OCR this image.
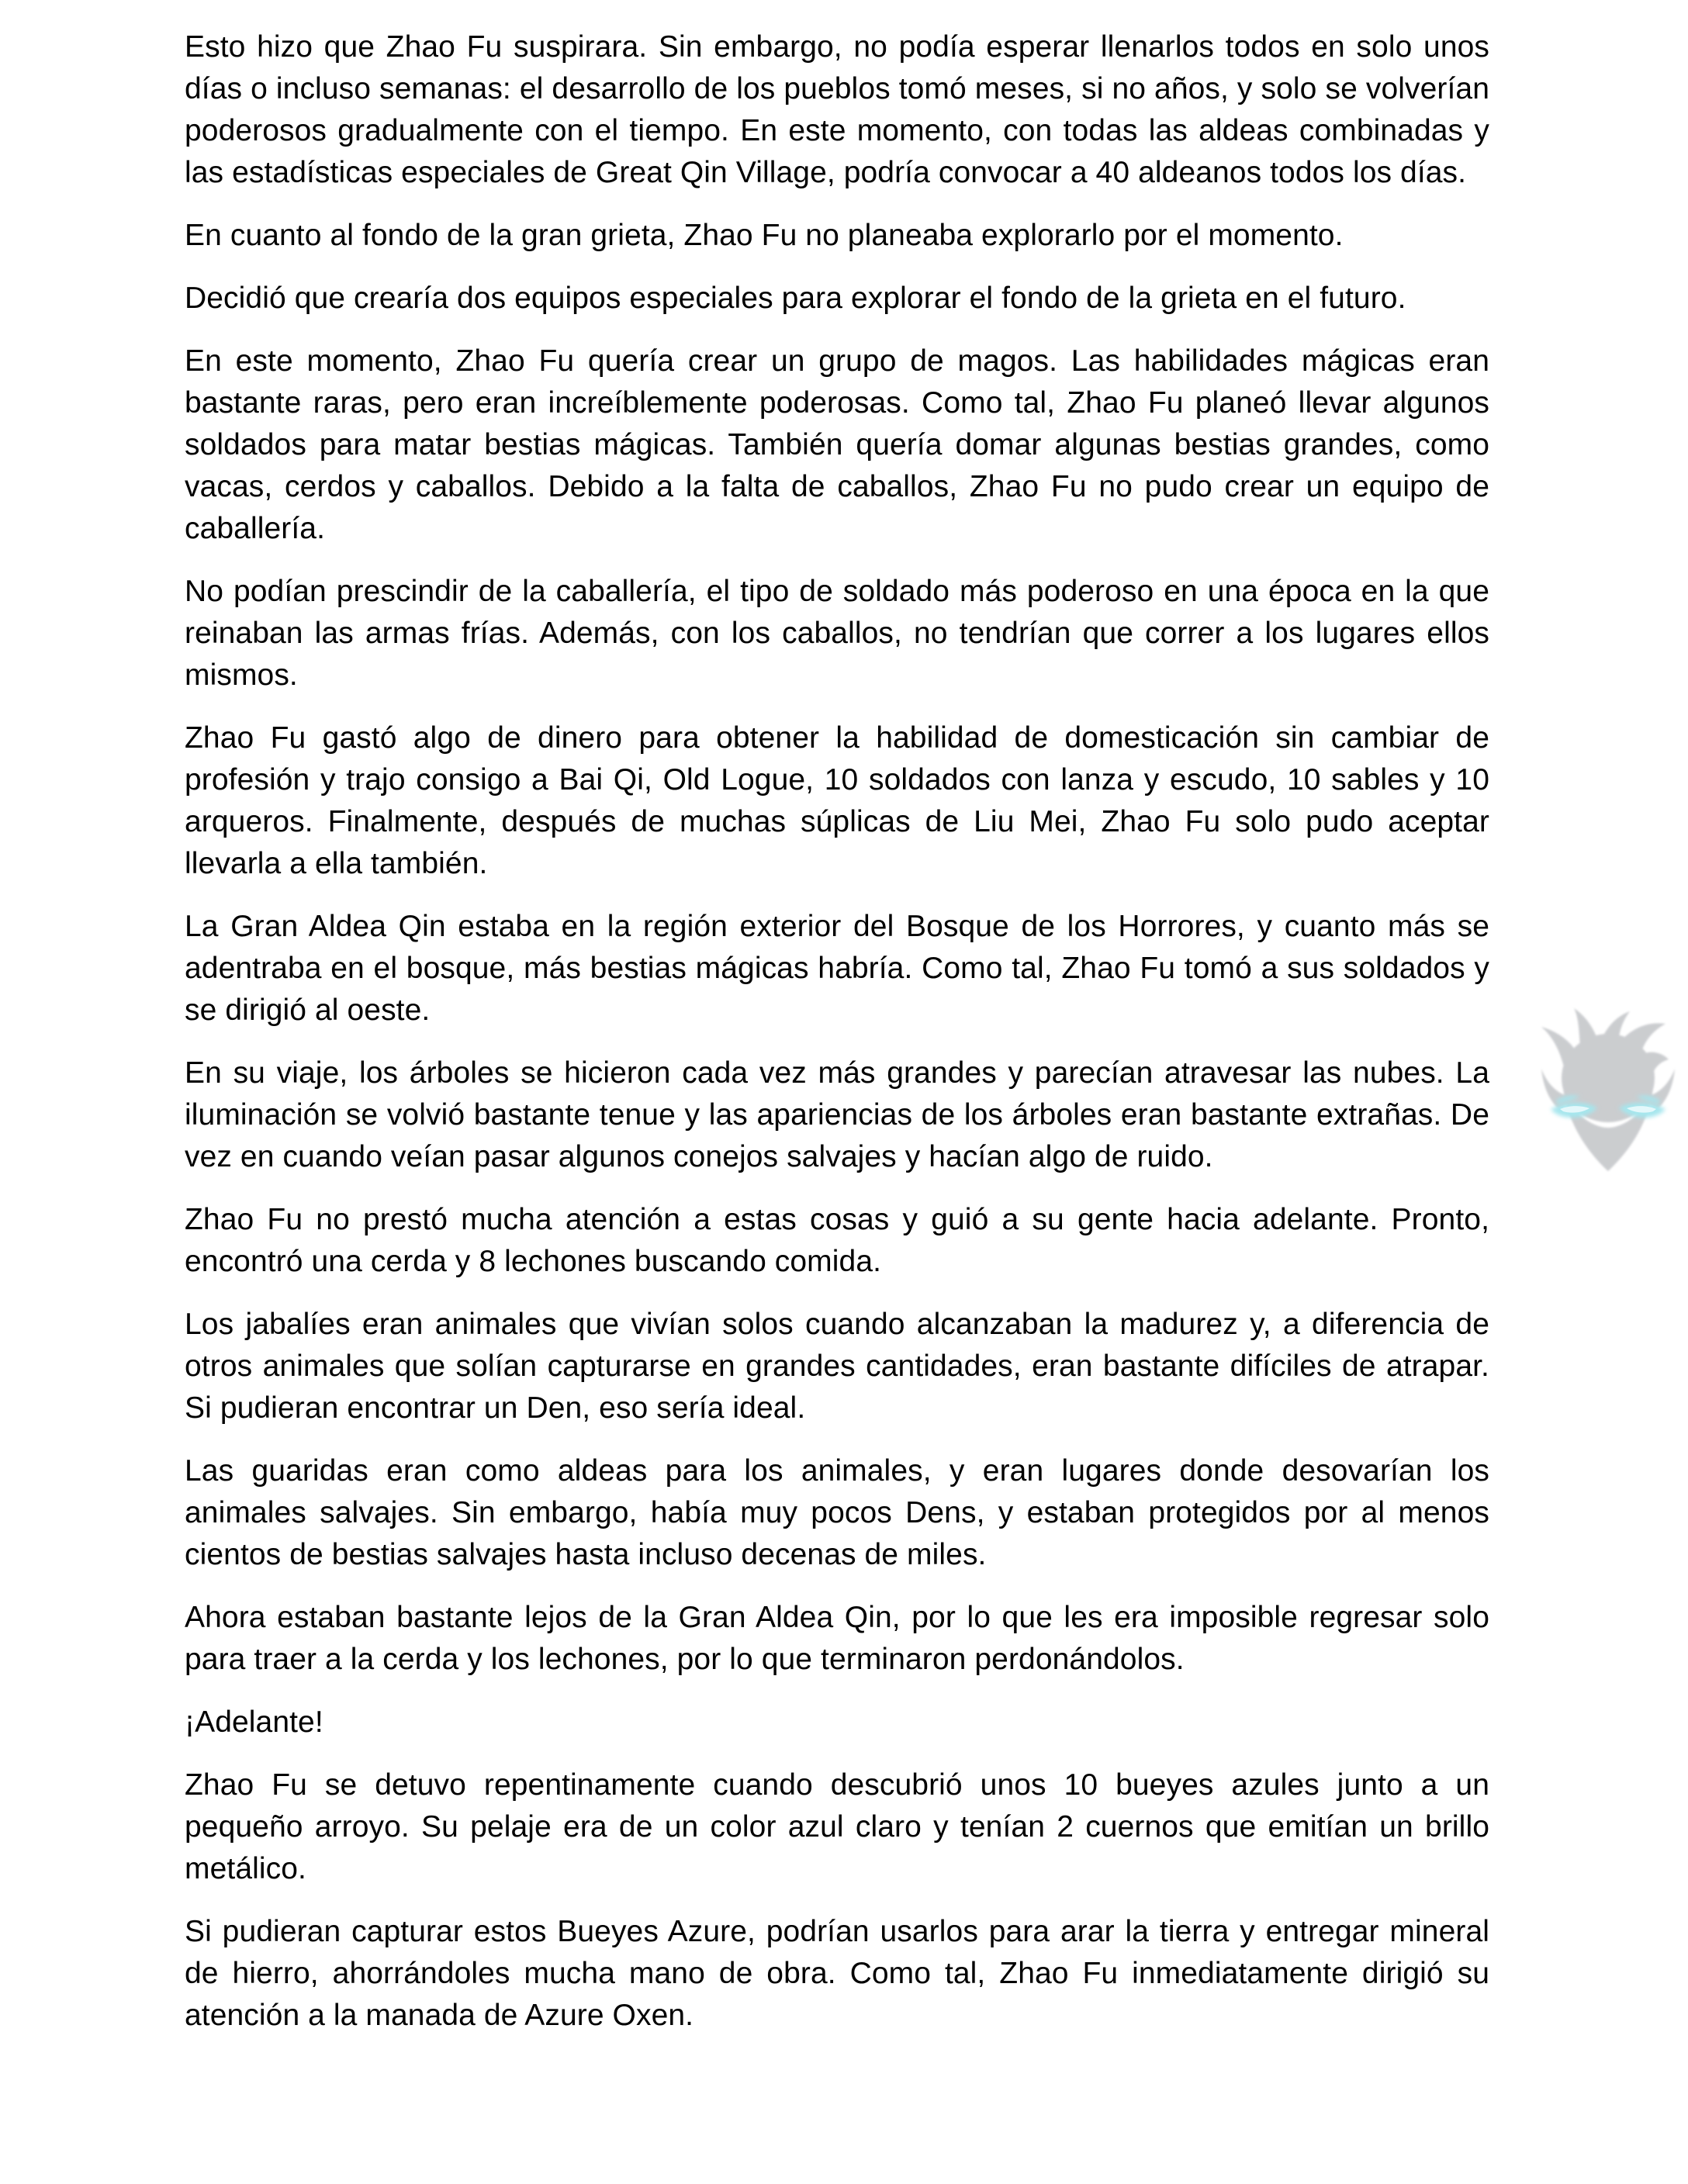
Esto hizo que Zhao Fu suspirara. Sin embargo, no podía esperar llenarlos todos en solo unos días o incluso semanas: el desarrollo de los pueblos tomó meses, si no años, y solo se volverían poderosos gradualmente con el tiempo. En este momento, con todas las aldeas combinadas y las estadísticas especiales de Great Qin Village, podría convocar a 40 aldeanos todos los días.

En cuanto al fondo de la gran grieta, Zhao Fu no planeaba explorarlo por el momento.

Decidió que crearía dos equipos especiales para explorar el fondo de la grieta en el futuro.

En este momento, Zhao Fu quería crear un grupo de magos. Las habilidades mágicas eran bastante raras, pero eran increíblemente poderosas. Como tal, Zhao Fu planeó llevar algunos soldados para matar bestias mágicas. También quería domar algunas bestias grandes, como vacas, cerdos y caballos. Debido a la falta de caballos, Zhao Fu no pudo crear un equipo de caballería.

No podían prescindir de la caballería, el tipo de soldado más poderoso en una época en la que reinaban las armas frías. Además, con los caballos, no tendrían que correr a los lugares ellos mismos.

Zhao Fu gastó algo de dinero para obtener la habilidad de domesticación sin cambiar de profesión y trajo consigo a Bai Qi, Old Logue, 10 soldados con lanza y escudo, 10 sables y 10 arqueros. Finalmente, después de muchas súplicas de Liu Mei, Zhao Fu solo pudo aceptar llevarla a ella también.

La Gran Aldea Qin estaba en la región exterior del Bosque de los Horrores, y cuanto más se adentraba en el bosque, más bestias mágicas habría. Como tal, Zhao Fu tomó a sus soldados y se dirigió al oeste.

En su viaje, los árboles se hicieron cada vez más grandes y parecían atravesar las nubes. La iluminación se volvió bastante tenue y las apariencias de los árboles eran bastante extrañas. De vez en cuando veían pasar algunos conejos salvajes y hacían algo de ruido.

Zhao Fu no prestó mucha atención a estas cosas y guió a su gente hacia adelante. Pronto, encontró una cerda y 8 lechones buscando comida.

Los jabalíes eran animales que vivían solos cuando alcanzaban la madurez y, a diferencia de otros animales que solían capturarse en grandes cantidades, eran bastante difíciles de atrapar. Si pudieran encontrar un Den, eso sería ideal.

Las guaridas eran como aldeas para los animales, y eran lugares donde desovarían los animales salvajes. Sin embargo, había muy pocos Dens, y estaban protegidos por al menos cientos de bestias salvajes hasta incluso decenas de miles.

Ahora estaban bastante lejos de la Gran Aldea Qin, por lo que les era imposible regresar solo para traer a la cerda y los lechones, por lo que terminaron perdonándolos.

¡Adelante!

Zhao Fu se detuvo repentinamente cuando descubrió unos 10 bueyes azules junto a un pequeño arroyo. Su pelaje era de un color azul claro y tenían 2 cuernos que emitían un brillo metálico.

Si pudieran capturar estos Bueyes Azure, podrían usarlos para arar la tierra y entregar mineral de hierro, ahorrándoles mucha mano de obra. Como tal, Zhao Fu inmediatamente dirigió su atención a la manada de Azure Oxen.
